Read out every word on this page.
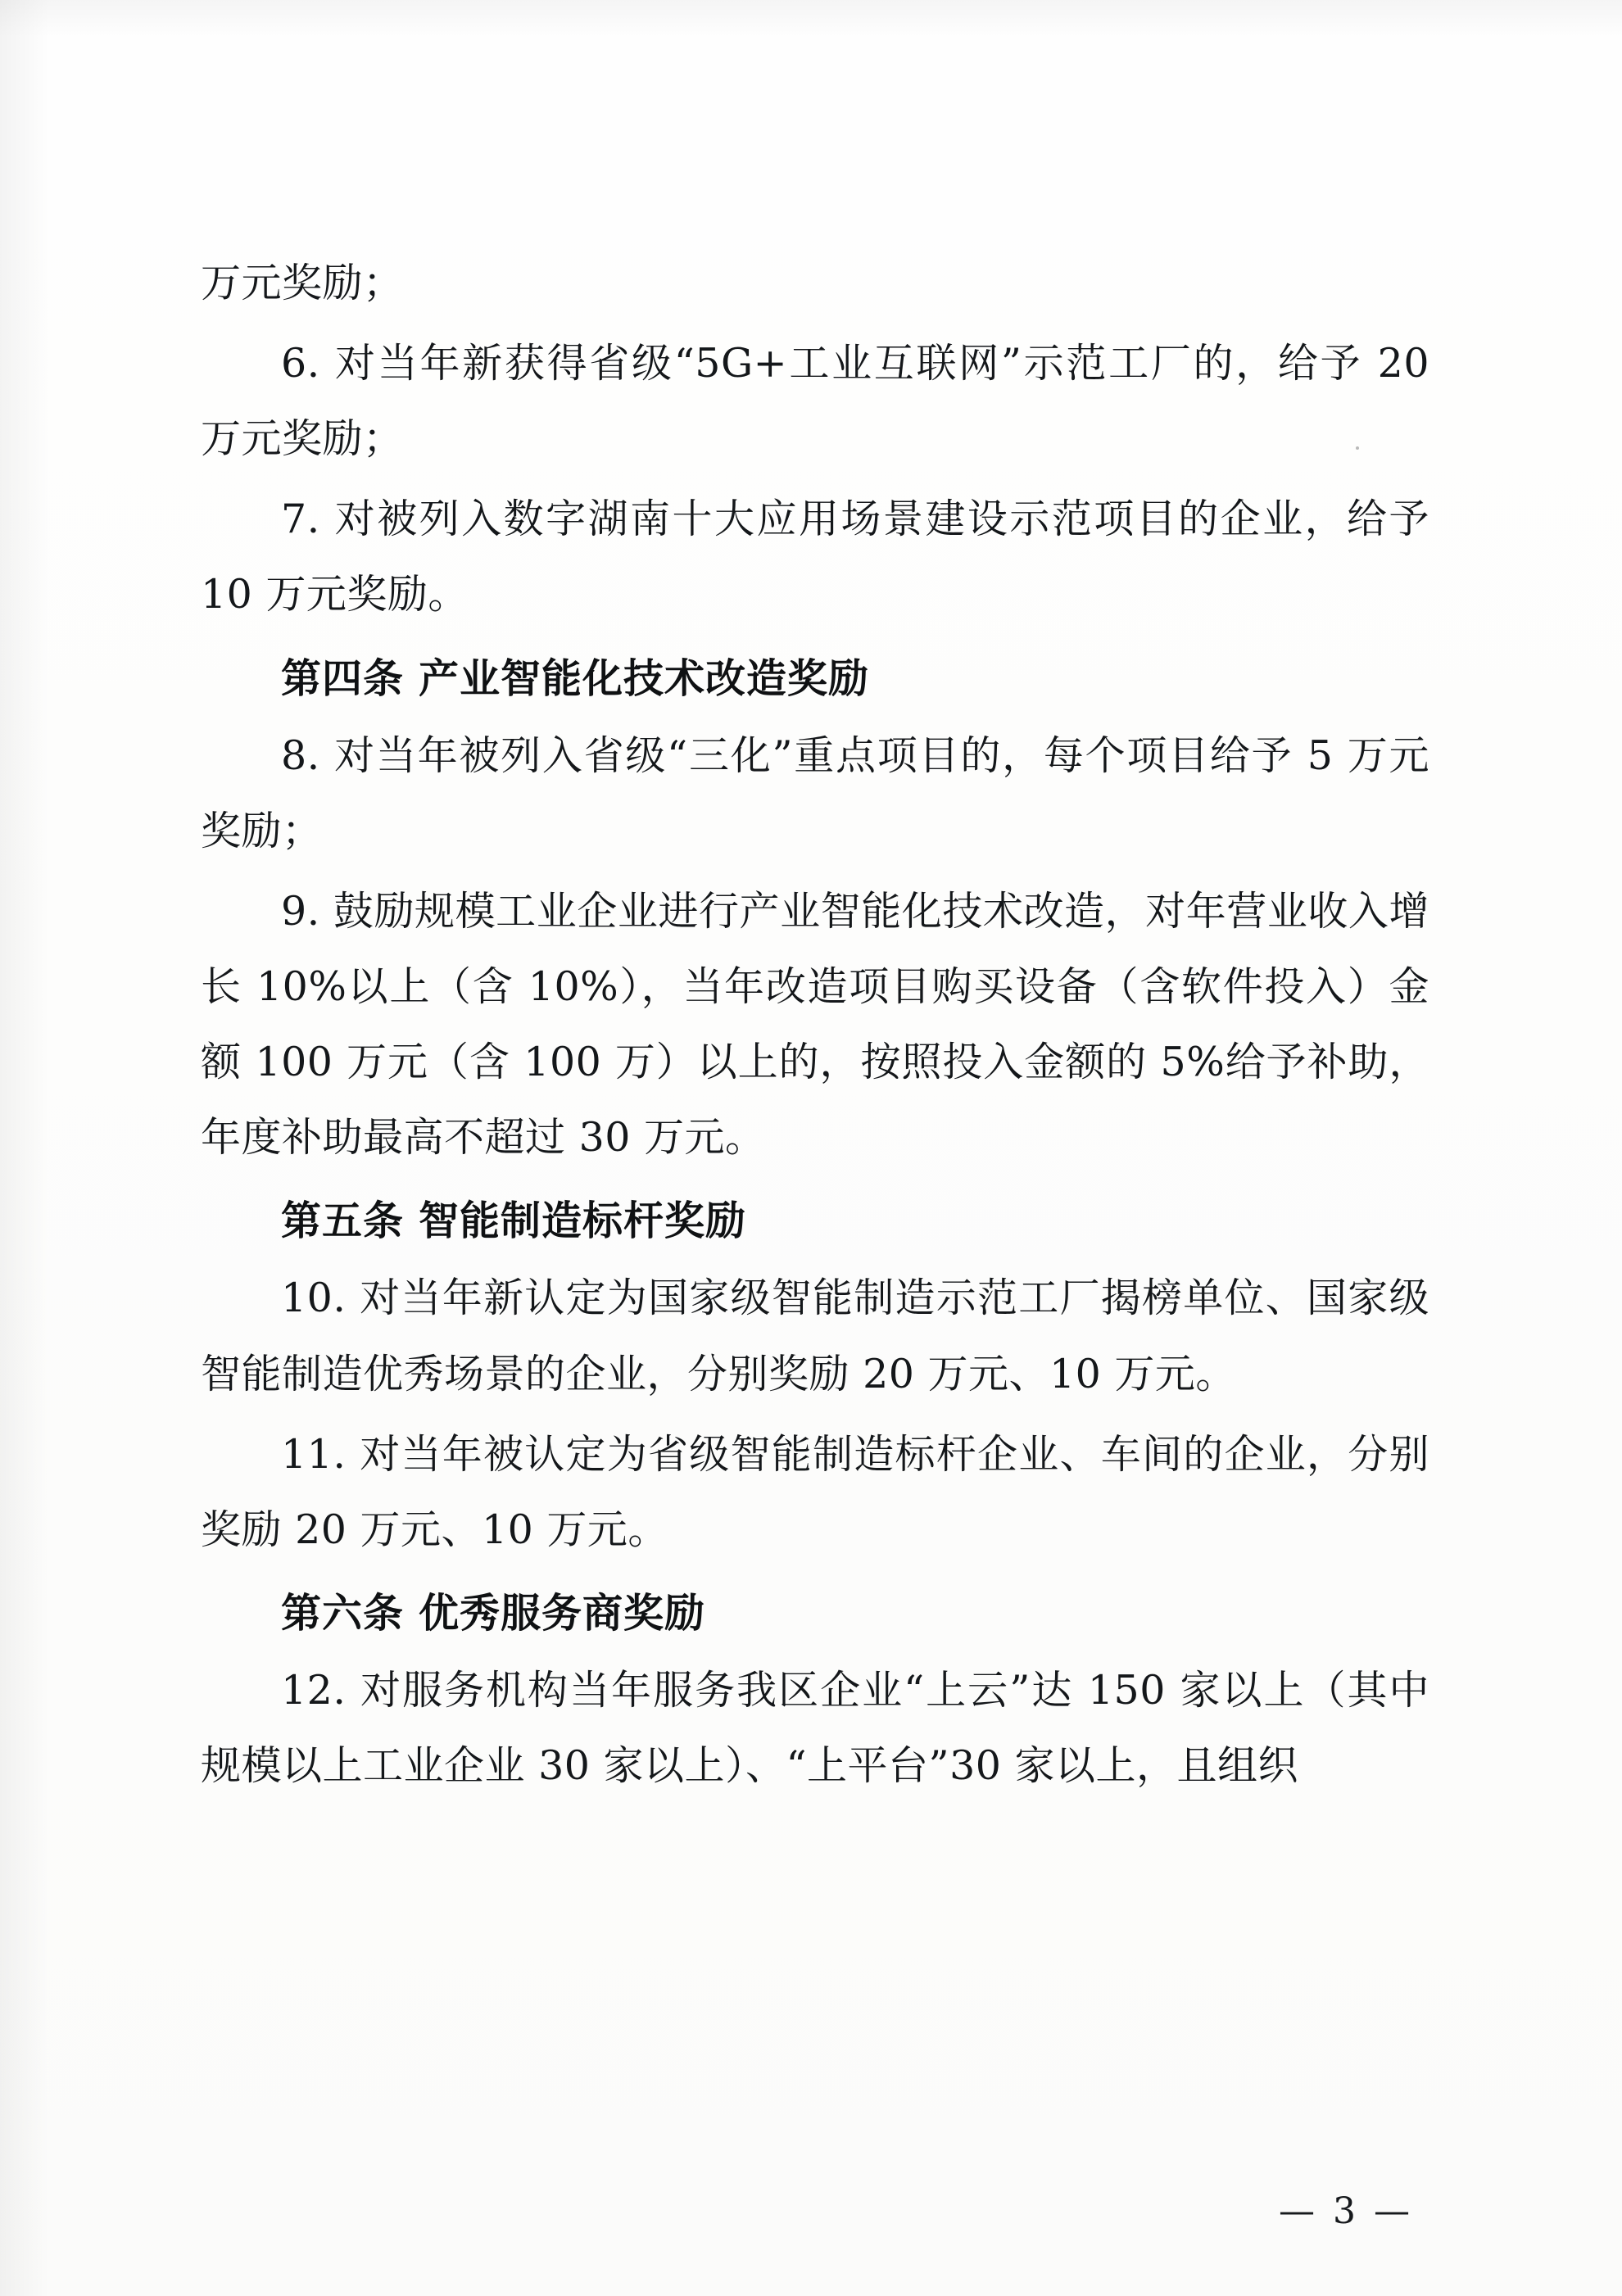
万元奖励；

6. 对当年新获得省级“5G+工业互联网”示范工厂的，给予 20 万元奖励；

7. 对被列入数字湖南十大应用场景建设示范项目的企业，给予 10 万元奖励。

第四条 产业智能化技术改造奖励

8. 对当年被列入省级“三化”重点项目的，每个项目给予 5 万元奖励；

9. 鼓励规模工业企业进行产业智能化技术改造，对年营业收入增长 10%以上（含 10%），当年改造项目购买设备（含软件投入）金额 100 万元（含 100 万）以上的，按照投入金额的 5%给予补助，年度补助最高不超过 30 万元。

第五条 智能制造标杆奖励

10. 对当年新认定为国家级智能制造示范工厂揭榜单位、国家级智能制造优秀场景的企业，分别奖励 20 万元、10 万元。

11. 对当年被认定为省级智能制造标杆企业、车间的企业，分别奖励 20 万元、10 万元。

第六条 优秀服务商奖励

12. 对服务机构当年服务我区企业“上云”达 150 家以上（其中规模以上工业企业 30 家以上）、“上平台”30 家以上，且组织

— 3 —
